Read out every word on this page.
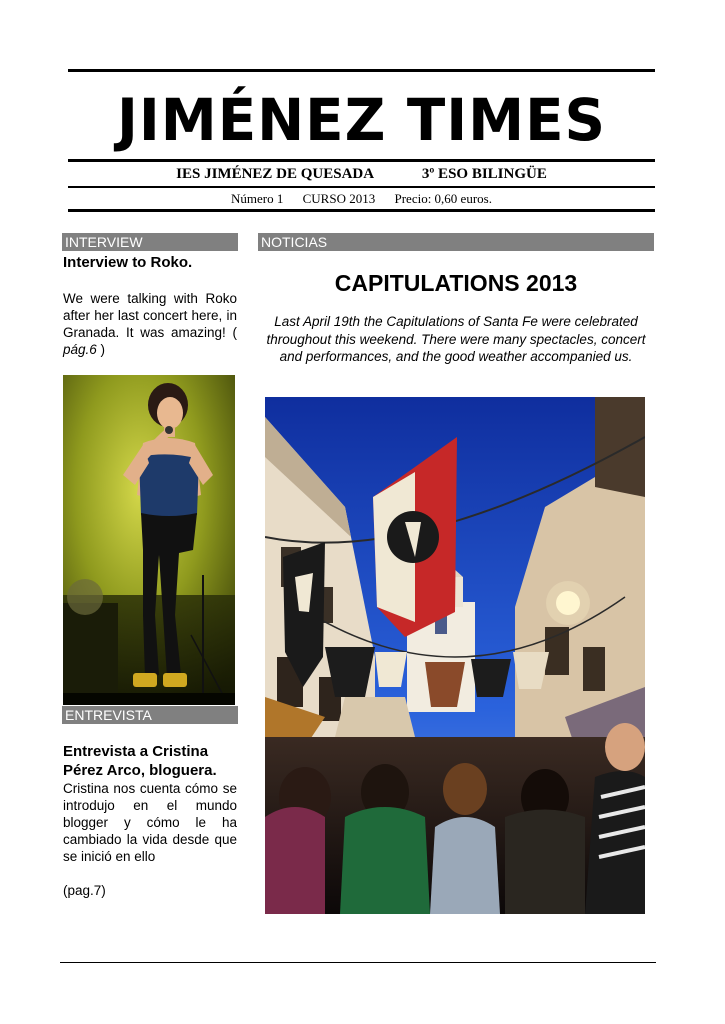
JIMÉNEZ TIMES
IES JIMÉNEZ DE QUESADA	3º ESO BILINGÜE
Número 1 CURSO 2013 Precio: 0,60 euros.
INTERVIEW

Interview to Roko.

We were talking with Roko after her last concert here, in Granada. It was amazing! ( pág.6 )

ENTREVISTA

Entrevista a Cristina Pérez Arco, bloguera.

Cristina nos cuenta cómo se introdujo en el mundo blogger y cómo le ha cambiado la vida desde que se inició en ello

(pag.7)

NOTICIAS
CAPITULATIONS 2013
Last April 19th the Capitulations of Santa Fe were celebrated throughout this weekend. There were many spectacles, concert and performances, and the good weather accompanied us.
